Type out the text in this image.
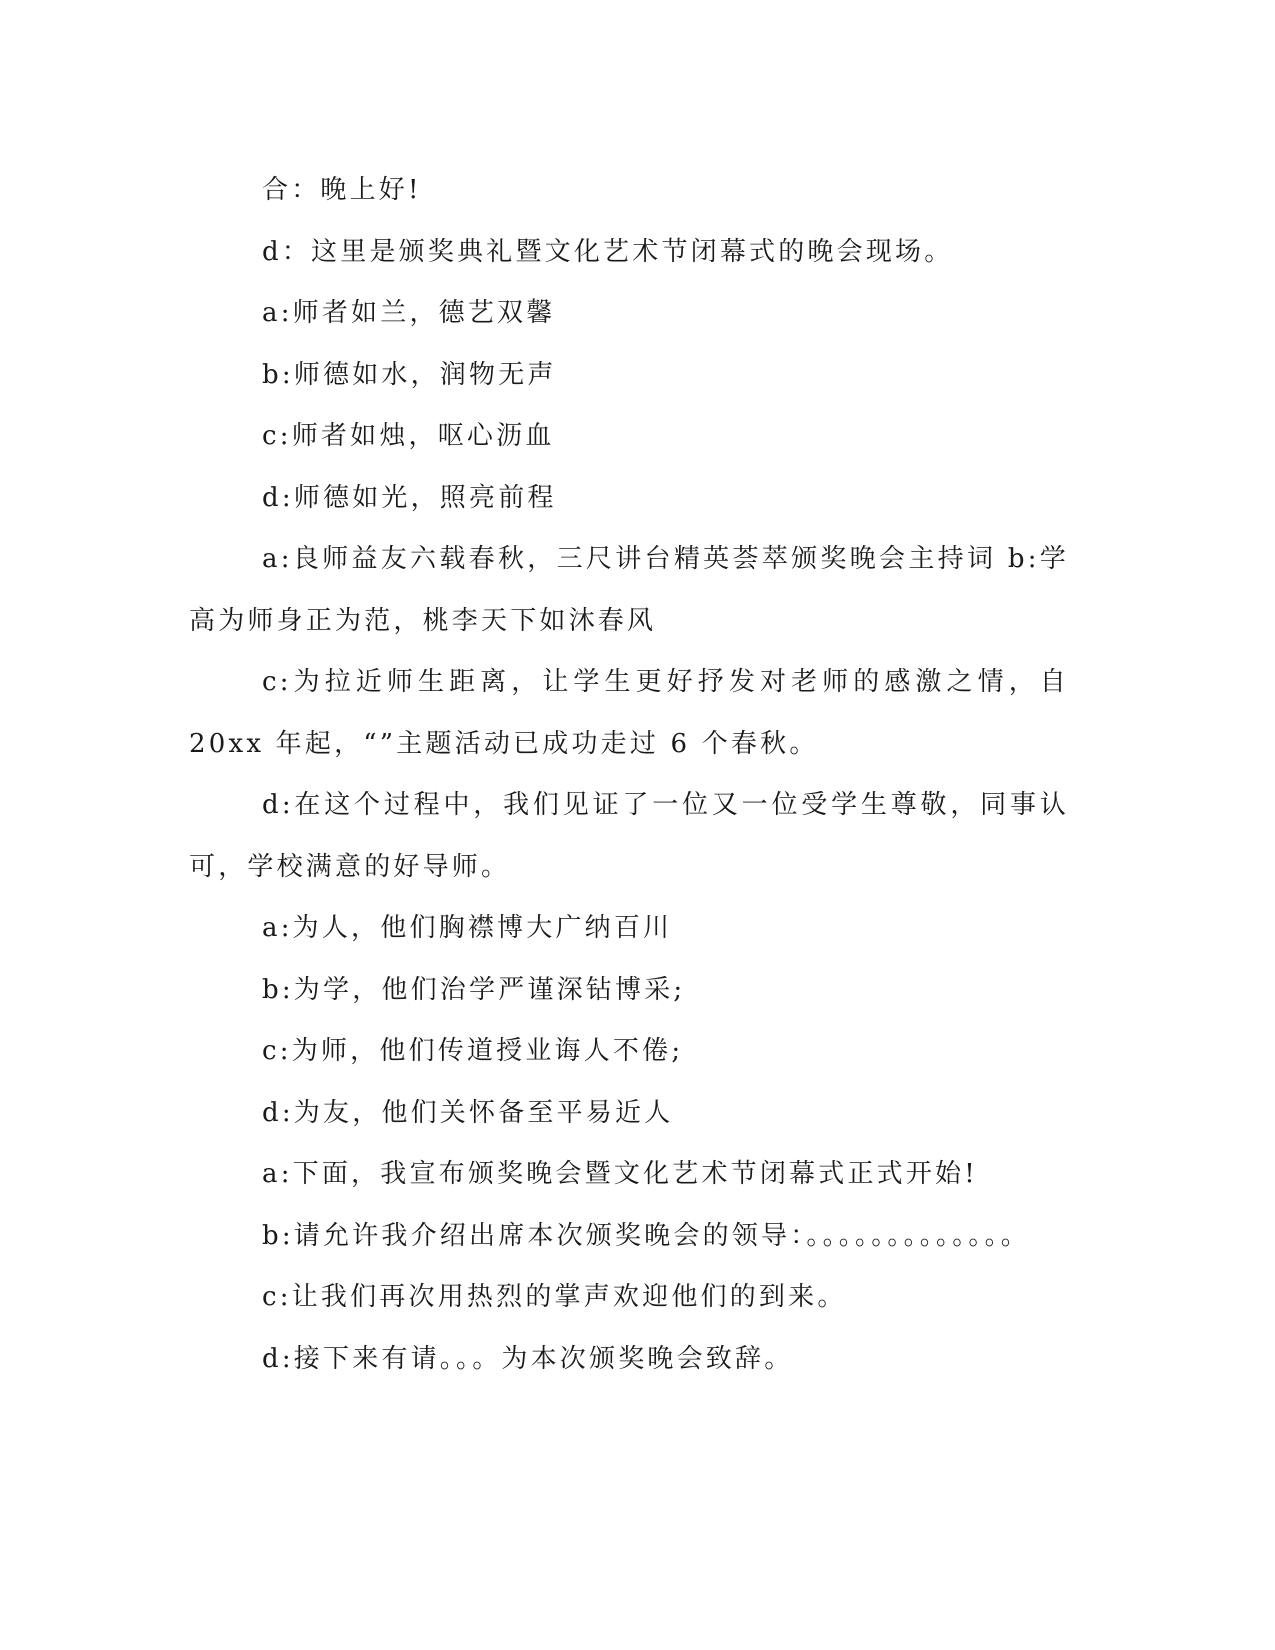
合：晚上好!

d：这里是颁奖典礼暨文化艺术节闭幕式的晚会现场。

a:师者如兰，德艺双馨

b:师德如水，润物无声

c:师者如烛，呕心沥血

d:师德如光，照亮前程

a:良师益友六载春秋，三尺讲台精英荟萃颁奖晚会主持词 b:学高为师身正为范，桃李天下如沐春风

c:为拉近师生距离，让学生更好抒发对老师的感激之情，自 20xx 年起，“”主题活动已成功走过 6 个春秋。

d:在这个过程中，我们见证了一位又一位受学生尊敬，同事认可，学校满意的好导师。

a:为人，他们胸襟博大广纳百川

b:为学，他们治学严谨深钻博采;

c:为师，他们传道授业诲人不倦;

d:为友，他们关怀备至平易近人

a:下面，我宣布颁奖晚会暨文化艺术节闭幕式正式开始!

b:请允许我介绍出席本次颁奖晚会的领导：。。。。。。。。。。。。。

c:让我们再次用热烈的掌声欢迎他们的到来。

d:接下来有请。。。为本次颁奖晚会致辞。
